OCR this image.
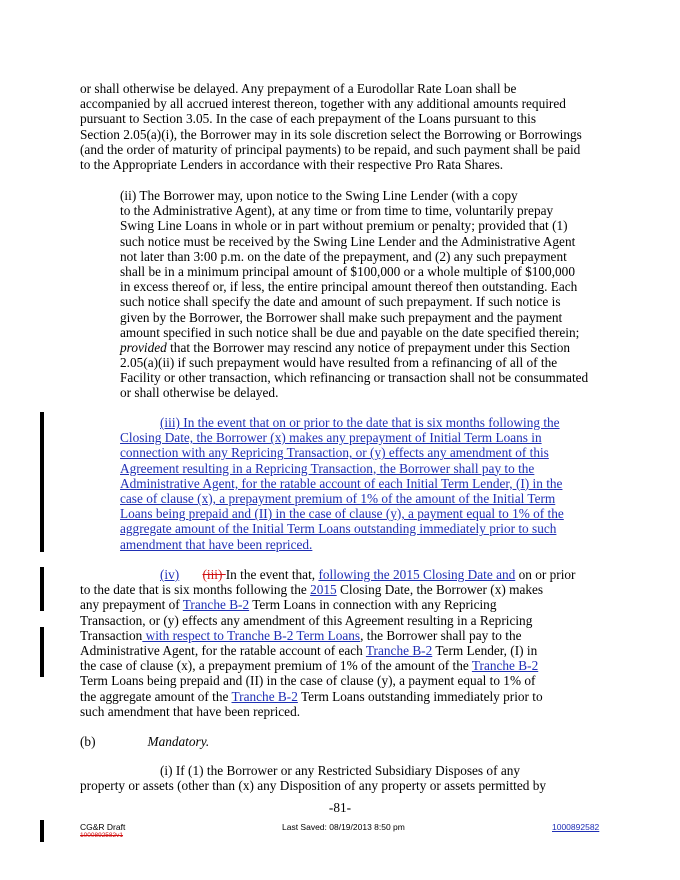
or shall otherwise be delayed. Any prepayment of a Eurodollar Rate Loan shall be
accompanied by all accrued interest thereon, together with any additional amounts required
pursuant to Section 3.05. In the case of each prepayment of the Loans pursuant to this
Section 2.05(a)(i), the Borrower may in its sole discretion select the Borrowing or Borrowings
(and the order of maturity of principal payments) to be repaid, and such payment shall be paid
to the Appropriate Lenders in accordance with their respective Pro Rata Shares.
(ii) The Borrower may, upon notice to the Swing Line Lender (with a copy
to the Administrative Agent), at any time or from time to time, voluntarily prepay
Swing Line Loans in whole or in part without premium or penalty; provided that (1)
such notice must be received by the Swing Line Lender and the Administrative Agent
not later than 3:00 p.m. on the date of the prepayment, and (2) any such prepayment
shall be in a minimum principal amount of $100,000 or a whole multiple of $100,000
in excess thereof or, if less, the entire principal amount thereof then outstanding. Each
such notice shall specify the date and amount of such prepayment. If such notice is
given by the Borrower, the Borrower shall make such prepayment and the payment
amount specified in such notice shall be due and payable on the date specified therein;
provided that the Borrower may rescind any notice of prepayment under this Section
2.05(a)(ii) if such prepayment would have resulted from a refinancing of all of the
Facility or other transaction, which refinancing or transaction shall not be consummated
or shall otherwise be delayed.
(iii) In the event that on or prior to the date that is six months following the
Closing Date, the Borrower (x) makes any prepayment of Initial Term Loans in
connection with any Repricing Transaction, or (y) effects any amendment of this
Agreement resulting in a Repricing Transaction, the Borrower shall pay to the
Administrative Agent, for the ratable account of each Initial Term Lender, (I) in the
case of clause (x), a prepayment premium of 1% of the amount of the Initial Term
Loans being prepaid and (II) in the case of clause (y), a payment equal to 1% of the
aggregate amount of the Initial Term Loans outstanding immediately prior to such
amendment that have been repriced.
(iv) (iii) In the event that, following the 2015 Closing Date and on or prior
to the date that is six months following the 2015 Closing Date, the Borrower (x) makes
any prepayment of Tranche B-2 Term Loans in connection with any Repricing
Transaction, or (y) effects any amendment of this Agreement resulting in a Repricing
Transaction with respect to Tranche B-2 Term Loans, the Borrower shall pay to the
Administrative Agent, for the ratable account of each Tranche B-2 Term Lender, (I) in
the case of clause (x), a prepayment premium of 1% of the amount of the Tranche B-2
Term Loans being prepaid and (II) in the case of clause (y), a payment equal to 1% of
the aggregate amount of the Tranche B-2 Term Loans outstanding immediately prior to
such amendment that have been repriced.
(b)	Mandatory.
(i) If (1) the Borrower or any Restricted Subsidiary Disposes of any
property or assets (other than (x) any Disposition of any property or assets permitted by
-81-
CG&R Draft
1000892582v1
Last Saved: 08/19/2013 8:50 pm	1000892582
